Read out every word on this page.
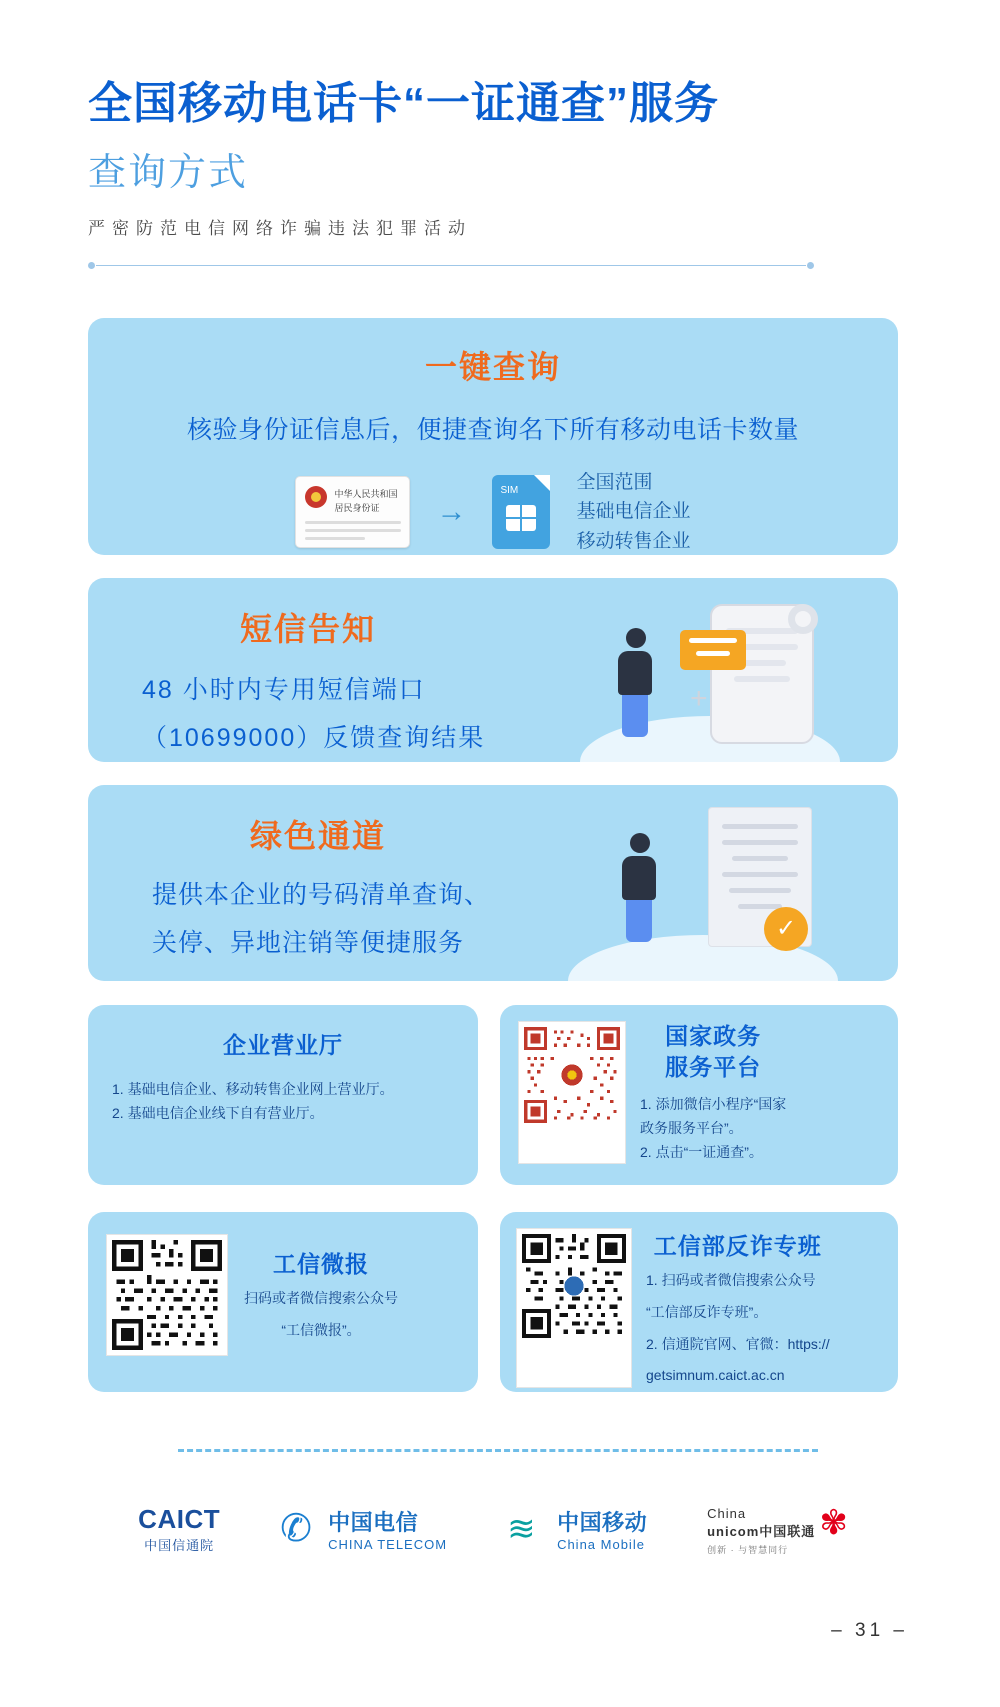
全国移动电话卡“一证通查”服务
查询方式
严密防范电信网络诈骗违法犯罪活动
一键查询
核验身份证信息后，便捷查询名下所有移动电话卡数量
中华人民共和国
居民身份证 →
SIM	全国范围
基础电信企业
移动转售企业
短信告知
48 小时内专用短信端口
（10699000）反馈查询结果
+
绿色通道
提供本企业的号码清单查询、
关停、异地注销等便捷服务
✓
企业营业厅

1. 基础电信企业、移动转售企业网上营业厅。

2. 基础电信企业线下自有营业厅。

国家政务
服务平台

1. 添加微信小程序“国家

政务服务平台”。

2. 点击“一证通查”。

工信微报

扫码或者微信搜索公众号

“工信微报”。

工信部反诈专班

1. 扫码或者微信搜索公众号

“工信部反诈专班”。

2. 信通院官网、官微：https://

getsimnum.caict.ac.cn

CAICT
中国信通院 ✆ 中国电信
CHINA TELECOM ≋ 中国移动
China Mobile
China
unicom中国联通 ✾
创新 · 与智慧同行
– 31 –
